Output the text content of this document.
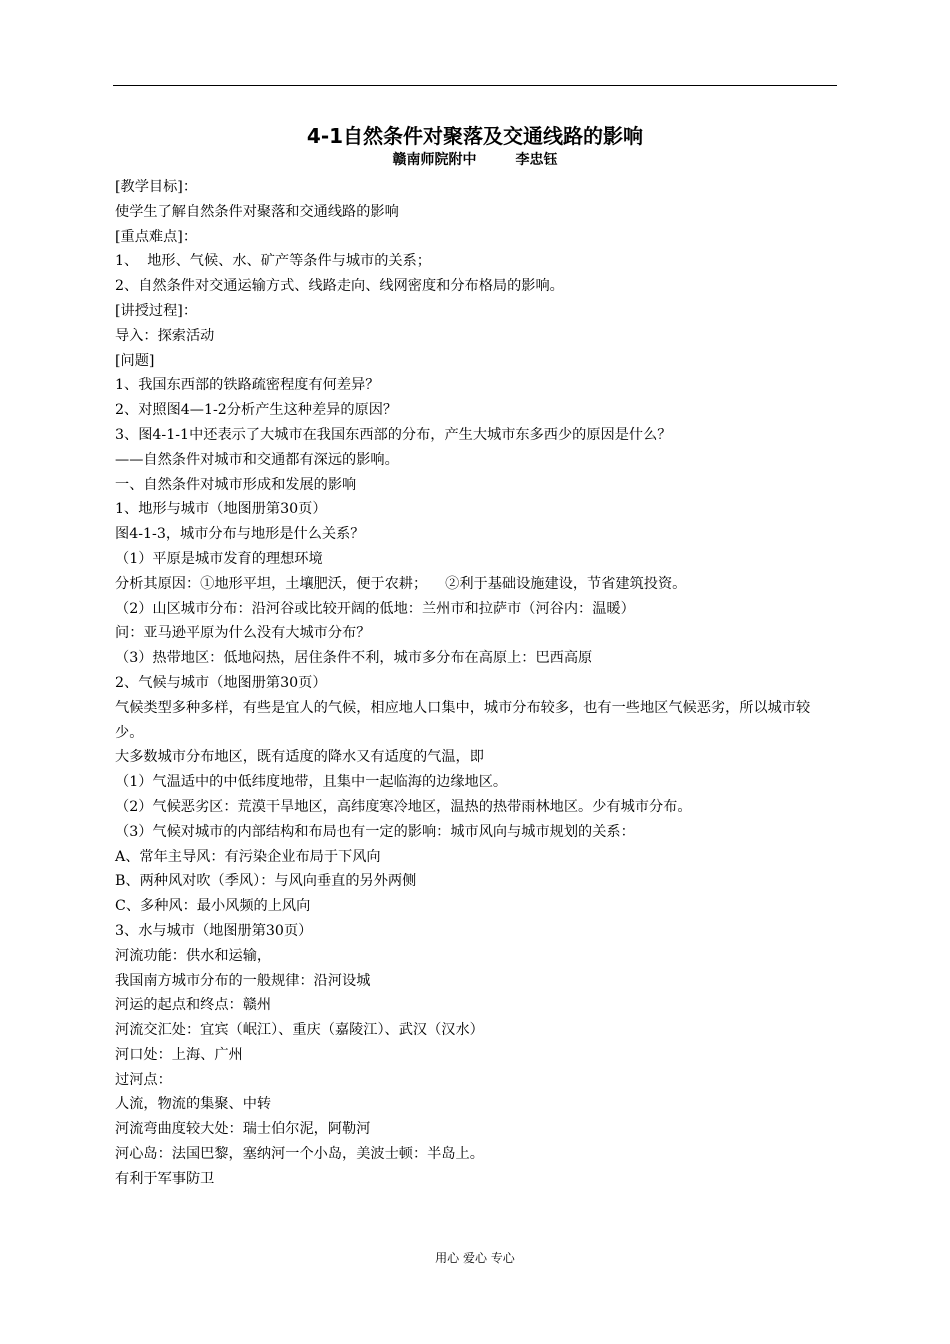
4-1自然条件对聚落及交通线路的影响
赣南师院附中        李忠钰

[教学目标]：

使学生了解自然条件对聚落和交通线路的影响

[重点难点]：

1、  地形、气候、水、矿产等条件与城市的关系；

2、自然条件对交通运输方式、线路走向、线网密度和分布格局的影响。

[讲授过程]：

导入：探索活动

[问题]

1、我国东西部的铁路疏密程度有何差异？

2、对照图4—1-2分析产生这种差异的原因？

3、图4-1-1中还表示了大城市在我国东西部的分布，产生大城市东多西少的原因是什么？

——自然条件对城市和交通都有深远的影响。

一、自然条件对城市形成和发展的影响

1、地形与城市（地图册第30页）

图4-1-3，城市分布与地形是什么关系？

（1）平原是城市发育的理想环境

分析其原因：①地形平坦，土壤肥沃，便于农耕；    ②利于基础设施建设，节省建筑投资。

（2）山区城市分布：沿河谷或比较开阔的低地：兰州市和拉萨市（河谷内：温暖）

问：亚马逊平原为什么没有大城市分布？

（3）热带地区：低地闷热，居住条件不利，城市多分布在高原上：巴西高原

2、气候与城市（地图册第30页）

气候类型多种多样，有些是宜人的气候，相应地人口集中，城市分布较多，也有一些地区气候恶劣，所以城市较少。

大多数城市分布地区，既有适度的降水又有适度的气温，即

（1）气温适中的中低纬度地带，且集中一起临海的边缘地区。

（2）气候恶劣区：荒漠干旱地区，高纬度寒冷地区，温热的热带雨林地区。少有城市分布。

（3）气候对城市的内部结构和布局也有一定的影响：城市风向与城市规划的关系：

A、常年主导风：有污染企业布局于下风向

B、两种风对吹（季风）：与风向垂直的另外两侧

C、多种风：最小风频的上风向

3、水与城市（地图册第30页）

河流功能：供水和运输，

我国南方城市分布的一般规律：沿河设城

河运的起点和终点：赣州

河流交汇处：宜宾（岷江）、重庆（嘉陵江）、武汉（汉水）

河口处：上海、广州

过河点：

人流，物流的集聚、中转

河流弯曲度较大处：瑞士伯尔泥，阿勒河

河心岛：法国巴黎，塞纳河一个小岛，美波士顿：半岛上。

有利于军事防卫

用心 爱心 专心
